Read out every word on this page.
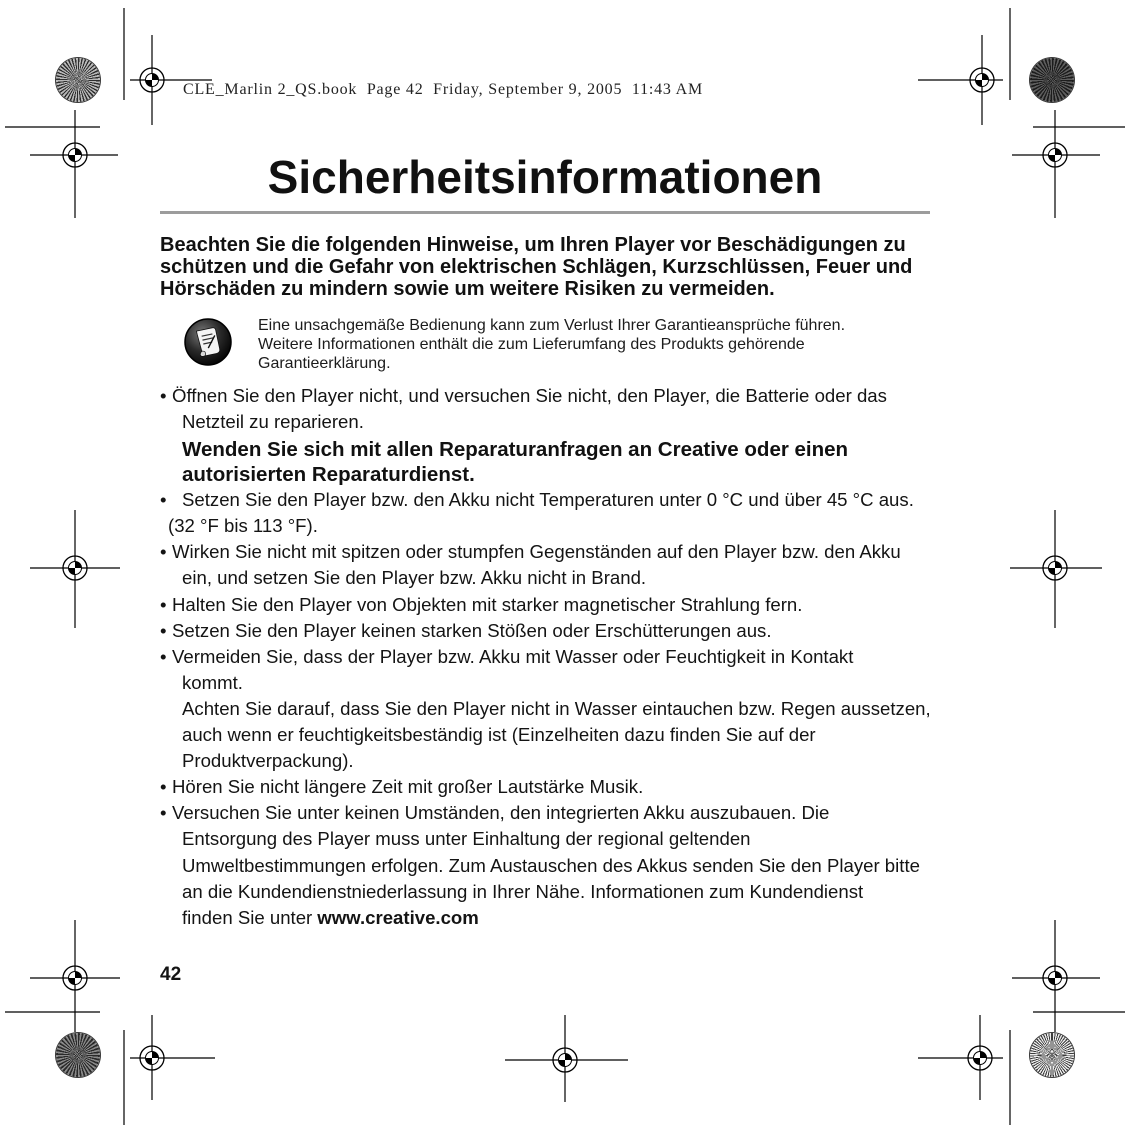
CLE_Marlin 2_QS.book  Page 42  Friday, September 9, 2005  11:43 AM
Sicherheitsinformationen
Beachten Sie die folgenden Hinweise, um Ihren Player vor Beschädigungen zu
schützen und die Gefahr von elektrischen Schlägen, Kurzschlüssen, Feuer und
Hörschäden zu mindern sowie um weitere Risiken zu vermeiden.
Eine unsachgemäße Bedienung kann zum Verlust Ihrer Garantieansprüche führen.
Weitere Informationen enthält die zum Lieferumfang des Produkts gehörende
Garantieerklärung.
• Öffnen Sie den Player nicht, und versuchen Sie nicht, den Player, die Batterie oder das
Netzteil zu reparieren.
Wenden Sie sich mit allen Reparaturanfragen an Creative oder einen
autorisierten Reparaturdienst.
• Setzen Sie den Player bzw. den Akku nicht Temperaturen unter 0 °C und über 45 °C aus.
(32 °F bis 113 °F).
• Wirken Sie nicht mit spitzen oder stumpfen Gegenständen auf den Player bzw. den Akku
ein, und setzen Sie den Player bzw. Akku nicht in Brand.
• Halten Sie den Player von Objekten mit starker magnetischer Strahlung fern.
• Setzen Sie den Player keinen starken Stößen oder Erschütterungen aus.
• Vermeiden Sie, dass der Player bzw. Akku mit Wasser oder Feuchtigkeit in Kontakt
kommt.
Achten Sie darauf, dass Sie den Player nicht in Wasser eintauchen bzw. Regen aussetzen,
auch wenn er feuchtigkeitsbeständig ist (Einzelheiten dazu finden Sie auf der
Produktverpackung).
• Hören Sie nicht längere Zeit mit großer Lautstärke Musik.
• Versuchen Sie unter keinen Umständen, den integrierten Akku auszubauen. Die
Entsorgung des Player muss unter Einhaltung der regional geltenden
Umweltbestimmungen erfolgen. Zum Austauschen des Akkus senden Sie den Player bitte
an die Kundendienstniederlassung in Ihrer Nähe. Informationen zum Kundendienst
finden Sie unter www.creative.com
42
